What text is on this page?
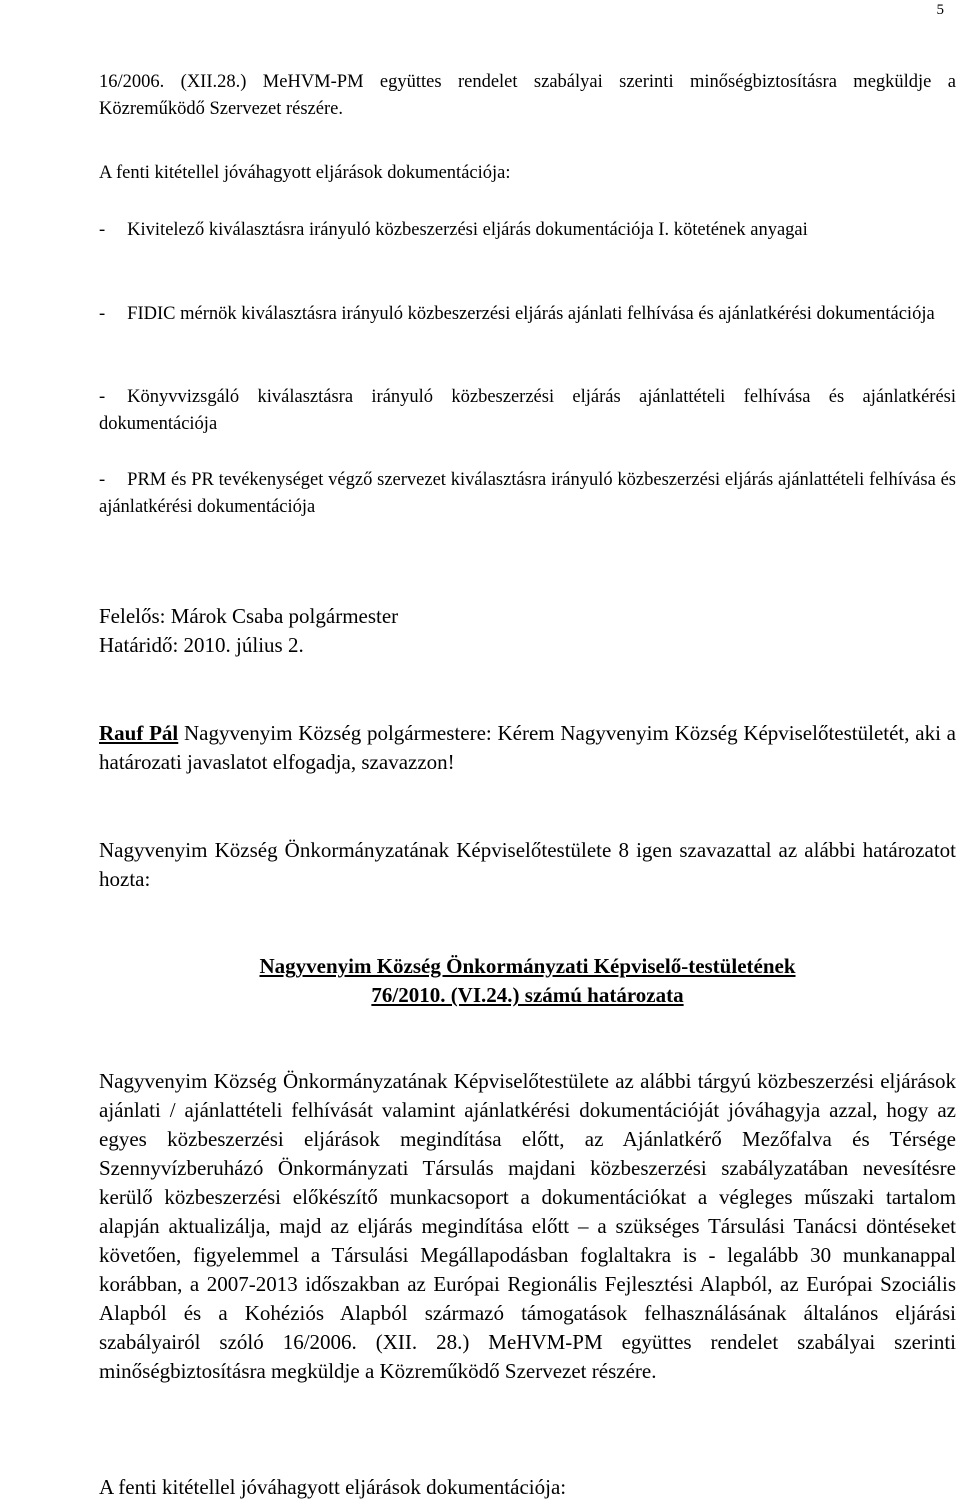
5
16/2006. (XII.28.) MeHVM-PM együttes rendelet szabályai szerinti minőségbiztosításra megküldje a Közreműködő Szervezet részére.
A fenti kitétellel jóváhagyott eljárások dokumentációja:
- Kivitelező kiválasztásra irányuló közbeszerzési eljárás dokumentációja I. kötetének anyagai
- FIDIC mérnök kiválasztásra irányuló közbeszerzési eljárás ajánlati felhívása és ajánlatkérési dokumentációja
- Könyvvizsgáló kiválasztásra irányuló közbeszerzési eljárás ajánlattételi felhívása és ajánlatkérési dokumentációja
- PRM és PR tevékenységet végző szervezet kiválasztásra irányuló közbeszerzési eljárás ajánlattételi felhívása és ajánlatkérési dokumentációja
Felelős: Márok Csaba polgármester
Határidő: 2010. július 2.
Rauf Pál Nagyvenyim Község polgármestere: Kérem Nagyvenyim Község Képviselőtestületét, aki a határozati javaslatot elfogadja, szavazzon!
Nagyvenyim Község Önkormányzatának Képviselőtestülete 8 igen szavazattal az alábbi határozatot hozta:
Nagyvenyim Község Önkormányzati Képviselő-testületének
76/2010. (VI.24.) számú határozata
Nagyvenyim Község Önkormányzatának Képviselőtestülete az alábbi tárgyú közbeszerzési eljárások ajánlati / ajánlattételi felhívását valamint ajánlatkérési dokumentációját jóváhagyja azzal, hogy az egyes közbeszerzési eljárások megindítása előtt, az Ajánlatkérő Mezőfalva és Térsége Szennyvízberuházó Önkormányzati Társulás majdani közbeszerzési szabályzatában nevesítésre kerülő közbeszerzési előkészítő munkacsoport a dokumentációkat a végleges műszaki tartalom alapján aktualizálja, majd az eljárás megindítása előtt – a szükséges Társulási Tanácsi döntéseket követően, figyelemmel a Társulási Megállapodásban foglaltakra is - legalább 30 munkanappal korábban, a 2007-2013 időszakban az Európai Regionális Fejlesztési Alapból, az Európai Szociális Alapból és a Kohéziós Alapból származó támogatások felhasználásának általános eljárási szabályairól szóló 16/2006. (XII. 28.) MeHVM-PM együttes rendelet szabályai szerinti minőségbiztosításra megküldje a Közreműködő Szervezet részére.
A fenti kitétellel jóváhagyott eljárások dokumentációja:
